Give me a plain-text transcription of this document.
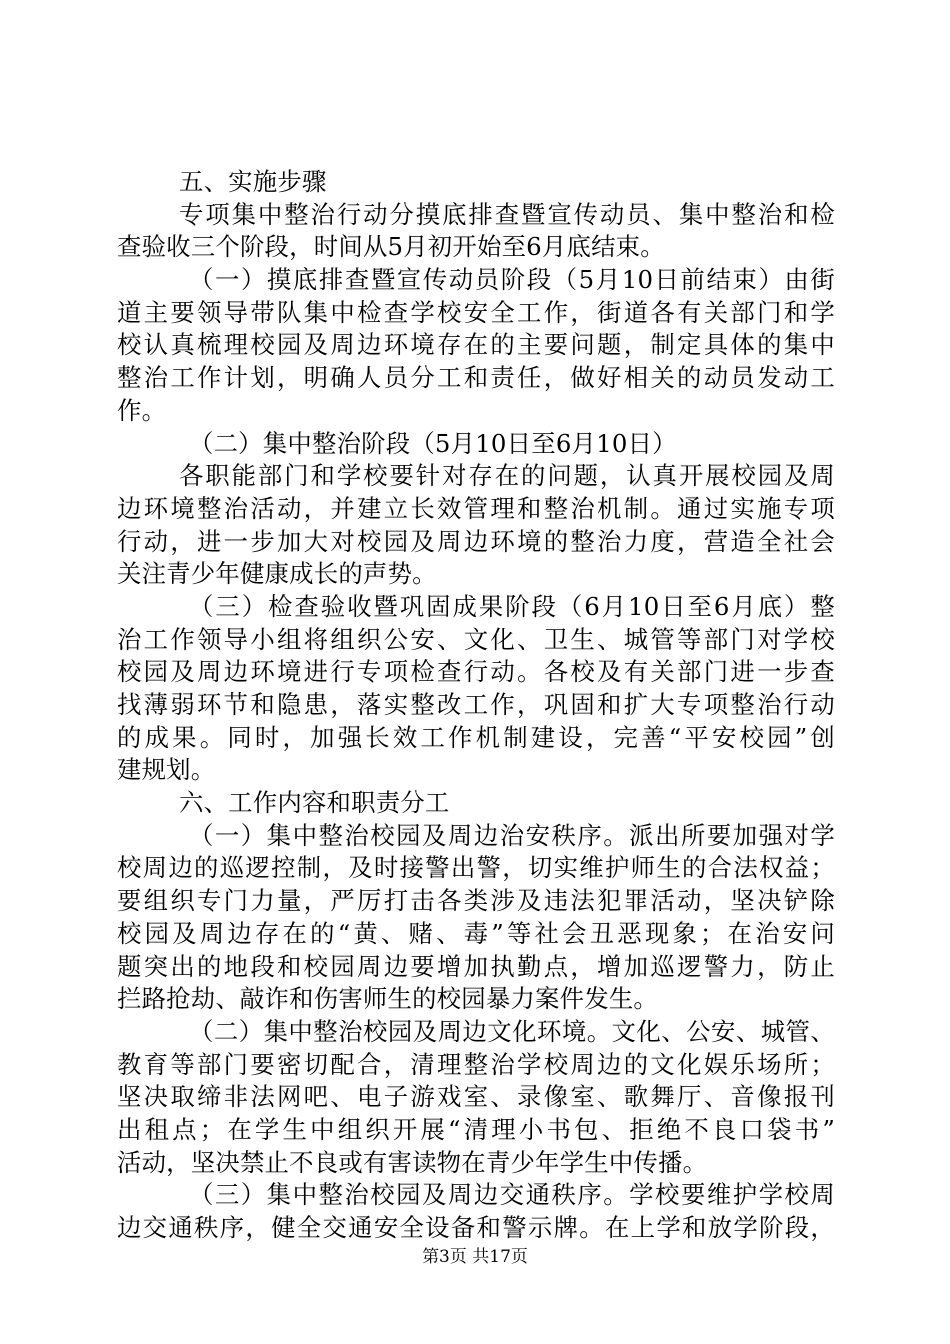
五、实施步骤
专项集中整治行动分摸底排查暨宣传动员、集中整治和检
查验收三个阶段，时间从5月初开始至6月底结束。
（一）摸底排查暨宣传动员阶段（5月10日前结束）由街
道主要领导带队集中检查学校安全工作，街道各有关部门和学
校认真梳理校园及周边环境存在的主要问题，制定具体的集中
整治工作计划，明确人员分工和责任，做好相关的动员发动工
作。
（二）集中整治阶段（5月10日至6月10日）
各职能部门和学校要针对存在的问题，认真开展校园及周
边环境整治活动，并建立长效管理和整治机制。通过实施专项
行动，进一步加大对校园及周边环境的整治力度，营造全社会
关注青少年健康成长的声势。
（三）检查验收暨巩固成果阶段（6月10日至6月底）整
治工作领导小组将组织公安、文化、卫生、城管等部门对学校
校园及周边环境进行专项检查行动。各校及有关部门进一步查
找薄弱环节和隐患，落实整改工作，巩固和扩大专项整治行动
的成果。同时，加强长效工作机制建设，完善“平安校园”创
建规划。
六、工作内容和职责分工
（一）集中整治校园及周边治安秩序。派出所要加强对学
校周边的巡逻控制，及时接警出警，切实维护师生的合法权益；
要组织专门力量，严厉打击各类涉及违法犯罪活动，坚决铲除
校园及周边存在的“黄、赌、毒”等社会丑恶现象；在治安问
题突出的地段和校园周边要增加执勤点，增加巡逻警力，防止
拦路抢劫、敲诈和伤害师生的校园暴力案件发生。
（二）集中整治校园及周边文化环境。文化、公安、城管、
教育等部门要密切配合，清理整治学校周边的文化娱乐场所；
坚决取缔非法网吧、电子游戏室、录像室、歌舞厅、音像报刊
出租点；在学生中组织开展“清理小书包、拒绝不良口袋书”
活动，坚决禁止不良或有害读物在青少年学生中传播。
（三）集中整治校园及周边交通秩序。学校要维护学校周
边交通秩序，健全交通安全设备和警示牌。在上学和放学阶段，
第3页 共17页
